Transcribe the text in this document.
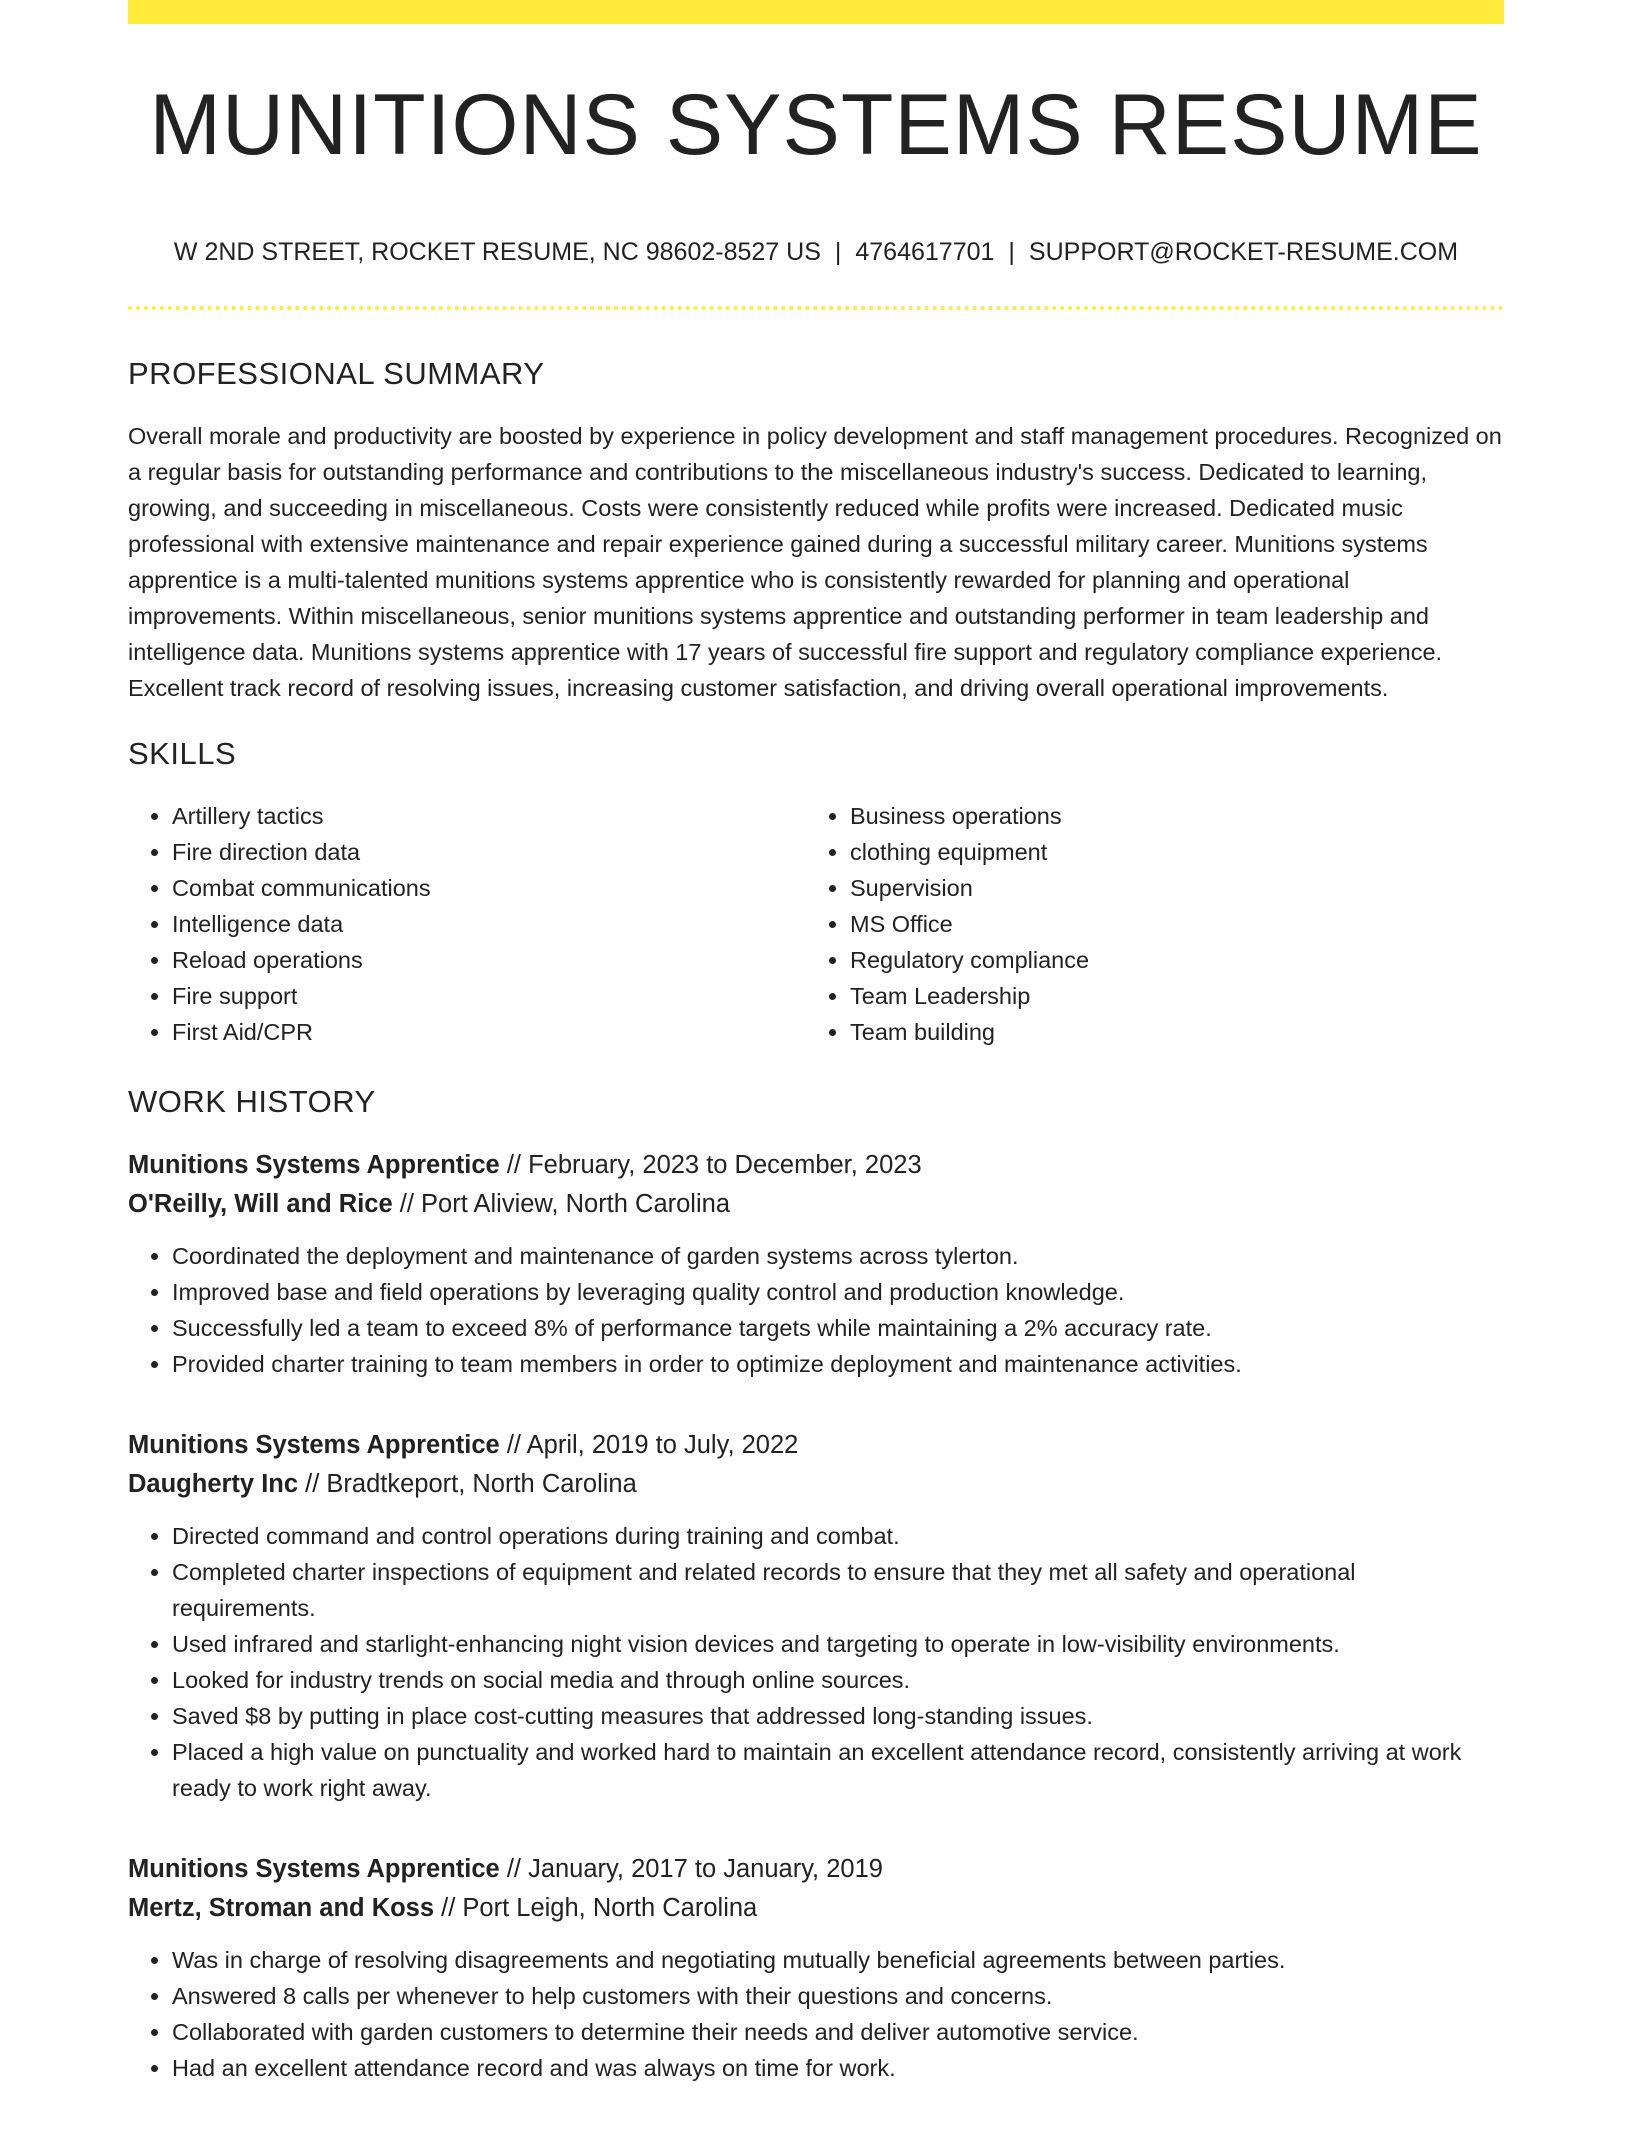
MUNITIONS SYSTEMS RESUME
W 2ND STREET, ROCKET RESUME, NC 98602-8527 US | 4764617701 | SUPPORT@ROCKET-RESUME.COM
PROFESSIONAL SUMMARY

Overall morale and productivity are boosted by experience in policy development and staff management procedures. Recognized on a regular basis for outstanding performance and contributions to the miscellaneous industry's success. Dedicated to learning, growing, and succeeding in miscellaneous. Costs were consistently reduced while profits were increased. Dedicated music professional with extensive maintenance and repair experience gained during a successful military career. Munitions systems apprentice is a multi-talented munitions systems apprentice who is consistently rewarded for planning and operational improvements. Within miscellaneous, senior munitions systems apprentice and outstanding performer in team leadership and intelligence data. Munitions systems apprentice with 17 years of successful fire support and regulatory compliance experience. Excellent track record of resolving issues, increasing customer satisfaction, and driving overall operational improvements.

SKILLS
• Artillery tactics
• Fire direction data
• Combat communications
• Intelligence data
• Reload operations
• Fire support
• First Aid/CPR
• Business operations
• clothing equipment
• Supervision
• MS Office
• Regulatory compliance
• Team Leadership
• Team building
WORK HISTORY
Munitions Systems Apprentice // February, 2023 to December, 2023
O'Reilly, Will and Rice // Port Aliview, North Carolina
• Coordinated the deployment and maintenance of garden systems across tylerton.
• Improved base and field operations by leveraging quality control and production knowledge.
• Successfully led a team to exceed 8% of performance targets while maintaining a 2% accuracy rate.
• Provided charter training to team members in order to optimize deployment and maintenance activities.
Munitions Systems Apprentice // April, 2019 to July, 2022
Daugherty Inc // Bradtkeport, North Carolina
• Directed command and control operations during training and combat.
• Completed charter inspections of equipment and related records to ensure that they met all safety and operational requirements.
• Used infrared and starlight-enhancing night vision devices and targeting to operate in low-visibility environments.
• Looked for industry trends on social media and through online sources.
• Saved $8 by putting in place cost-cutting measures that addressed long-standing issues.
• Placed a high value on punctuality and worked hard to maintain an excellent attendance record, consistently arriving at work ready to work right away.
Munitions Systems Apprentice // January, 2017 to January, 2019
Mertz, Stroman and Koss // Port Leigh, North Carolina
• Was in charge of resolving disagreements and negotiating mutually beneficial agreements between parties.
• Answered 8 calls per whenever to help customers with their questions and concerns.
• Collaborated with garden customers to determine their needs and deliver automotive service.
• Had an excellent attendance record and was always on time for work.
